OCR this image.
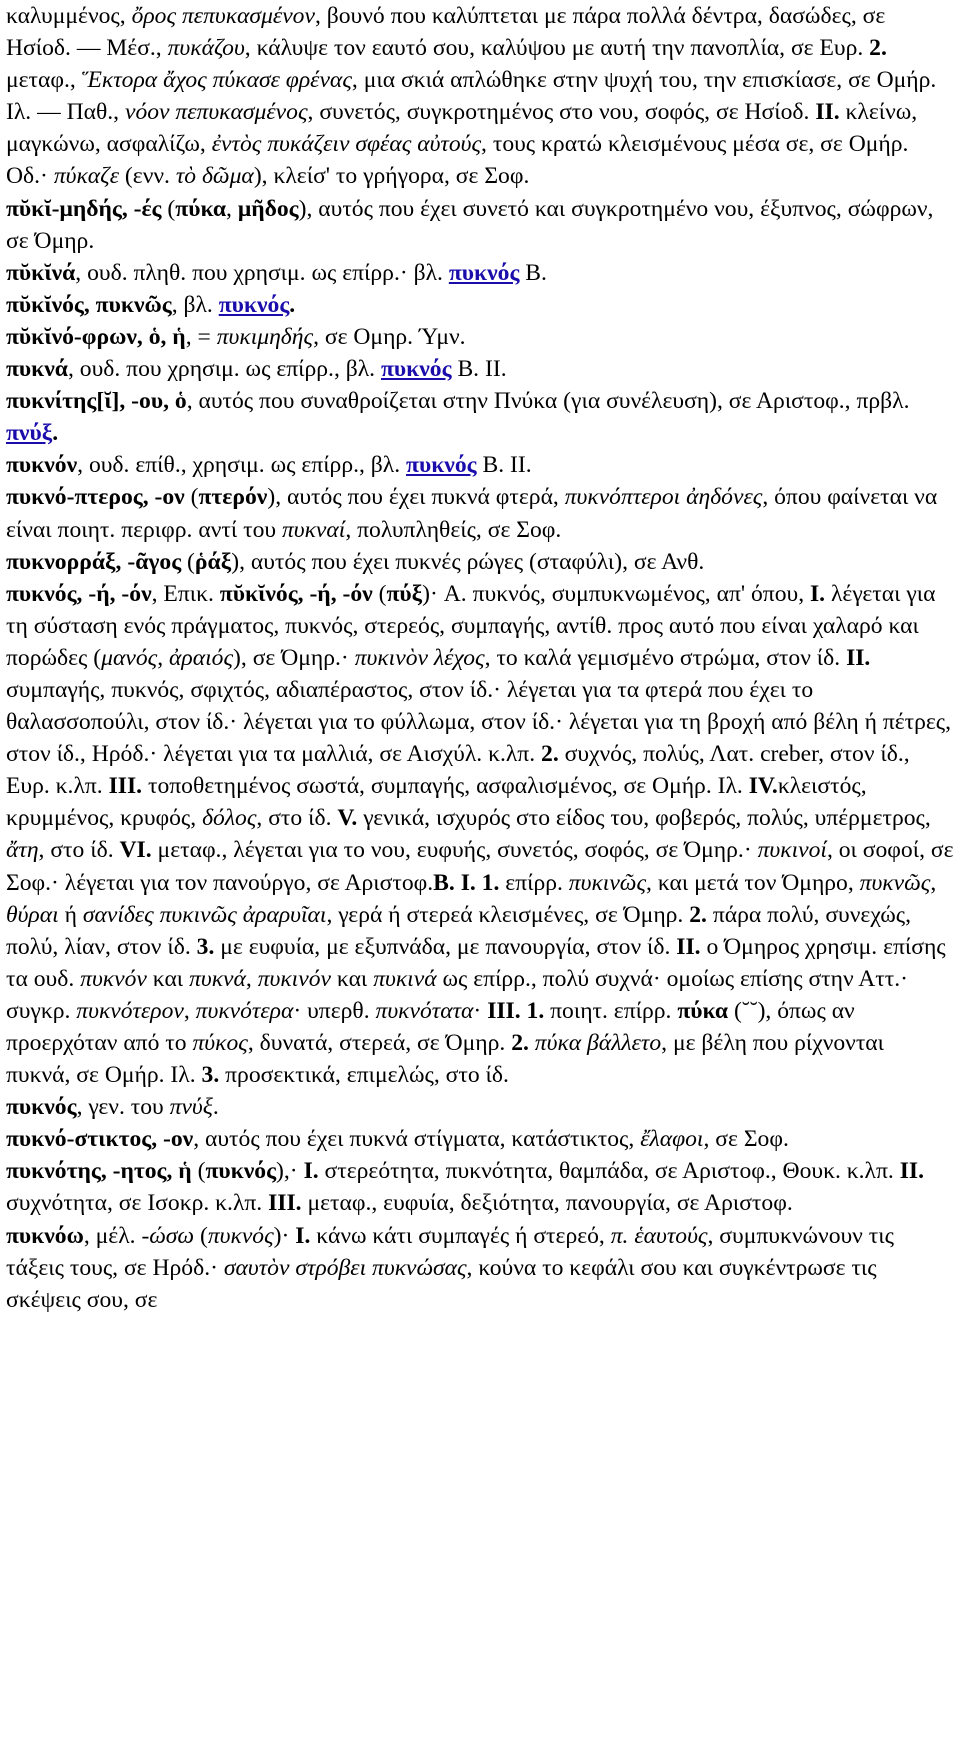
καλυμμένος, ὄρος πεπυκασμένον, βουνό που καλύπτεται με πάρα πολλά δέντρα, δασώδες, σε Ησίοδ. — Μέσ., πυκάζου, κάλυψε τον εαυτό σου, καλύψου με αυτή την πανοπλία, σε Ευρ. 2. μεταφ., Ἕκτορα ἄχος πύκασε φρένας, μια σκιά απλώθηκε στην ψυχή του, την επισκίασε, σε Ομήρ. Ιλ. — Παθ., νόον πεπυκασμένος, συνετός, συγκροτημένος στο νου, σοφός, σε Ησίοδ. II. κλείνω, μαγκώνω, ασφαλίζω, ἐντὸς πυκάζειν σφέας αὐτούς, τους κρατώ κλεισμένους μέσα σε, σε Ομήρ. Οδ.· πύκαζε (ενν. τὸ δῶμα), κλείσ' το γρήγορα, σε Σοφ.

πῠκῐ-μηδής, -ές (πύκα, μῆδος), αυτός που έχει συνετό και συγκροτημένο νου, έξυπνος, σώφρων, σε Όμηρ.

πῠκῐνά, ουδ. πληθ. που χρησιμ. ως επίρρ.· βλ. πυκνός B.

πῠκῐνός, πυκνῶς, βλ. πυκνός.

πῠκῐνό-φρων, ὁ, ἡ, = πυκιμηδής, σε Ομηρ. Ύμν.

πυκνά, ουδ. που χρησιμ. ως επίρρ., βλ. πυκνός B. II.

πυκνίτης[ῐ], -ου, ὁ, αυτός που συναθροίζεται στην Πνύκα (για συνέλευση), σε Αριστοφ., πρβλ. πνύξ.

πυκνόν, ουδ. επίθ., χρησιμ. ως επίρρ., βλ. πυκνός B. II.

πυκνό-πτερος, -ον (πτερόν), αυτός που έχει πυκνά φτερά, πυκνόπτεροι ἀηδόνες, όπου φαίνεται να είναι ποιητ. περιφρ. αντί του πυκναί, πολυπληθείς, σε Σοφ.

πυκνορράξ, -ᾶγος (ῥάξ), αυτός που έχει πυκνές ρώγες (σταφύλι), σε Ανθ.

πυκνός, -ή, -όν, Επικ. πῠκῐνός, -ή, -όν (πύξ)· A. πυκνός, συμπυκνωμένος, απ' όπου, I. λέγεται για τη σύσταση ενός πράγματος, πυκνός, στερεός, συμπαγής, αντίθ. προς αυτό που είναι χαλαρό και πορώδες (μανός, ἀραιός), σε Όμηρ.· πυκινὸν λέχος, το καλά γεμισμένο στρώμα, στον ίδ. II. συμπαγής, πυκνός, σφιχτός, αδιαπέραστος, στον ίδ.· λέγεται για τα φτερά που έχει το θαλασσοπούλι, στον ίδ.· λέγεται για το φύλλωμα, στον ίδ.· λέγεται για τη βροχή από βέλη ή πέτρες, στον ίδ., Ηρόδ.· λέγεται για τα μαλλιά, σε Αισχύλ. κ.λπ. 2. συχνός, πολύς, Λατ. creber, στον ίδ., Ευρ. κ.λπ. III. τοποθετημένος σωστά, συμπαγής, ασφαλισμένος, σε Ομήρ. Ιλ. IV.κλειστός, κρυμμένος, κρυφός, δόλος, στο ίδ. V. γενικά, ισχυρός στο είδος του, φοβερός, πολύς, υπέρμετρος, ἄτη, στο ίδ. VI. μεταφ., λέγεται για το νου, ευφυής, συνετός, σοφός, σε Όμηρ.· πυκινοί, οι σοφοί, σε Σοφ.· λέγεται για τον πανούργο, σε Αριστοφ.B. I. 1. επίρρ. πυκινῶς, και μετά τον Όμηρο, πυκνῶς, θύραι ή σανίδες πυκινῶς ἀραρυῖαι, γερά ή στερεά κλεισμένες, σε Όμηρ. 2. πάρα πολύ, συνεχώς, πολύ, λίαν, στον ίδ. 3. με ευφυία, με εξυπνάδα, με πανουργία, στον ίδ. II. ο Όμηρος χρησιμ. επίσης τα ουδ. πυκνόν και πυκνά, πυκινόν και πυκινά ως επίρρ., πολύ συχνά· ομοίως επίσης στην Αττ.· συγκρ. πυκνότερον, πυκνότερα· υπερθ. πυκνότατα· III. 1. ποιητ. επίρρ. πύκα (˘˘), όπως αν προερχόταν από το πύκος, δυνατά, στερεά, σε Όμηρ. 2. πύκα βάλλετο, με βέλη που ρίχνονται πυκνά, σε Ομήρ. Ιλ. 3. προσεκτικά, επιμελώς, στο ίδ.

πυκνός, γεν. του πνύξ.

πυκνό-στικτος, -ον, αυτός που έχει πυκνά στίγματα, κατάστικτος, ἔλαφοι, σε Σοφ.

πυκνότης, -ητος, ἡ (πυκνός),· I. στερεότητα, πυκνότητα, θαμπάδα, σε Αριστοφ., Θουκ. κ.λπ. II. συχνότητα, σε Ισοκρ. κ.λπ. III. μεταφ., ευφυία, δεξιότητα, πανουργία, σε Αριστοφ.

πυκνόω, μέλ. -ώσω (πυκνός)· I. κάνω κάτι συμπαγές ή στερεό, π. ἑαυτούς, συμπυκνώνουν τις τάξεις τους, σε Ηρόδ.· σαυτὸν στρόβει πυκνώσας, κούνα το κεφάλι σου και συγκέντρωσε τις σκέψεις σου, σε
